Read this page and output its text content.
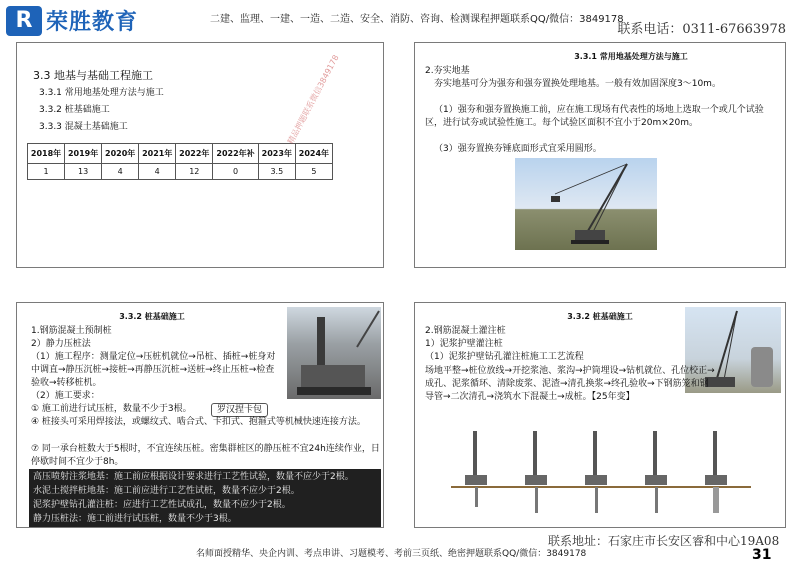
R 荣胜教育	二建、监理、一建、一造、二造、安全、消防、咨询、检测课程押题联系QQ/微信：3849178
联系电话：0311-67663978
3.3 地基与基础工程施工
3.3.1 常用地基处理方法与施工
3.3.2 桩基础施工
3.3.3 混凝土基础施工
2018年	2019年	2020年	2021年	2022年	2022年补	2023年	2024年
1	13	4	4	12	0	3.5	5
精品押题联系微信3849178	3.3.1 常用地基处理方法与施工
2.夯实地基
夯实地基可分为强夯和强夯置换处理地基。一般有效加固深度3～10m。
（1）强夯和强夯置换施工前，应在施工现场有代表性的场地上选取一个或几个试验区，进行试夯或试验性施工。每个试验区面积不宜小于20m×20m。
（3）强夯置换夯锤底面形式宜采用圆形。
3.3.2 桩基础施工
1.钢筋混凝土预制桩
2）静力压桩法
（1）施工程序：测量定位→压桩机就位→吊桩、插桩→桩身对中调直→静压沉桩→接桩→再静压沉桩→送桩→终止压桩→检查验收→转移桩机。
（2）施工要求：
① 施工前进行试压桩，数量不少于3根。	罗汉捏卡包
④ 桩接头可采用焊接法，或螺纹式、啮合式、卡扣式、抱箍式等机械快速连接方法。
⑦ 同一承台桩数大于5根时，不宜连续压桩。密集群桩区的静压桩不宜24h连续作业，日停歇时间不宜少于8h。
高压喷射注浆地基：施工前应根据设计要求进行工艺性试验，数量不应少于2根。
水泥土搅拌桩地基：施工前应进行工艺性试桩，数量不应少于2根。
泥浆护壁钻孔灌注桩：应进行工艺性试成孔，数量不应少于2根。
静力压桩法：施工前进行试压桩，数量不少于3根。
3.3.2 桩基础施工
2.钢筋混凝土灌注桩
1）泥浆护壁灌注桩
（1）泥浆护壁钻孔灌注桩施工工艺流程
场地平整→桩位放线→开挖浆池、浆沟→护筒埋设→钻机就位、孔位校正→成孔、泥浆循环、清除废浆、泥渣→清孔换浆→终孔验收→下钢筋笼和钢导管→二次清孔→浇筑水下混凝土→成桩。【25年变】
联系地址：石家庄市长安区睿和中心19A08
名师面授精华、央企内训、考点串讲、习题模考、考前三页纸、绝密押题联系QQ/微信：3849178	31
